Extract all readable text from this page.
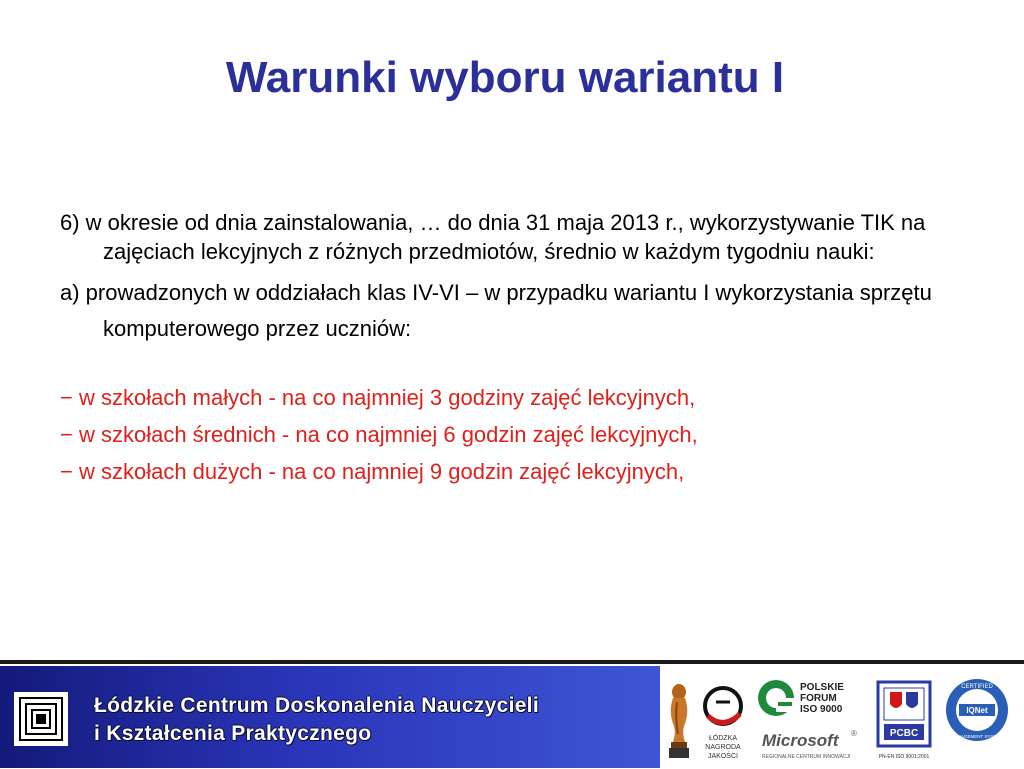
Warunki wyboru wariantu I

6) w okresie od dnia zainstalowania, … do dnia 31 maja 2013 r., wykorzystywanie TIK na zajęciach lekcyjnych z różnych przedmiotów, średnio w każdym tygodniu nauki:

a) prowadzonych w oddziałach klas IV-VI – w przypadku wariantu I wykorzystania sprzętu komputerowego przez uczniów:

− w szkołach małych - na co najmniej 3 godziny zajęć lekcyjnych,

− w szkołach średnich - na co najmniej 6 godzin zajęć lekcyjnych,

− w szkołach dużych - na co najmniej 9 godzin zajęć lekcyjnych,

Łódzkie Centrum Doskonalenia Nauczycieli
i Kształcenia Praktycznego	ŁÓDZKA
NAGRODA
JAKOŚCI
POLSKIE
FORUM
ISO 9000
Microsoft ®
REGIONALNE CENTRUM INNOWACJI
PCBC
PN-EN ISO 9001:2001
IQNet
CERTIFIED
MANAGEMENT SYSTEM
